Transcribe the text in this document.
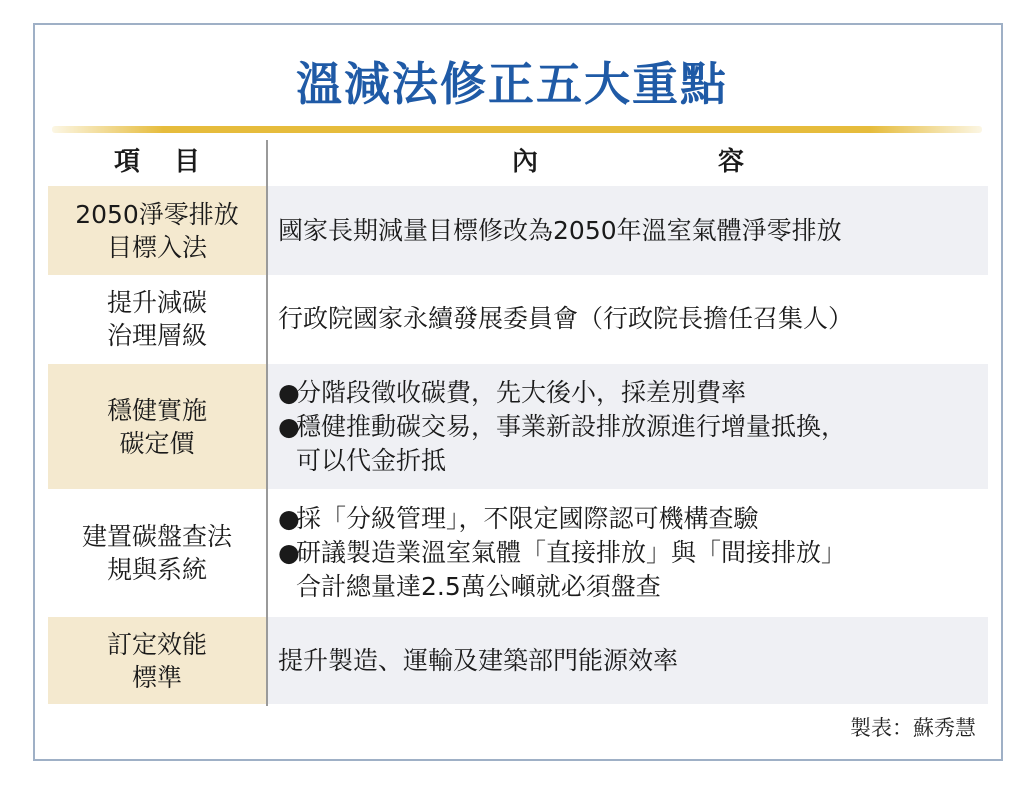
溫減法修正五大重點
項目	內容
2050淨零排放
目標入法
國家長期減量目標修改為2050年溫室氣體淨零排放
提升減碳
治理層級
行政院國家永續發展委員會（行政院長擔任召集人）
穩健實施
碳定價
●
分階段徵收碳費，先大後小，採差別費率
●
穩健推動碳交易，事業新設排放源進行增量抵換，
可以代金折抵
建置碳盤查法
規與系統
●
採「分級管理」，不限定國際認可機構查驗
●
研議製造業溫室氣體「直接排放」與「間接排放」
合計總量達2.5萬公噸就必須盤查
訂定效能
標準
提升製造、運輸及建築部門能源效率
製表：蘇秀慧
